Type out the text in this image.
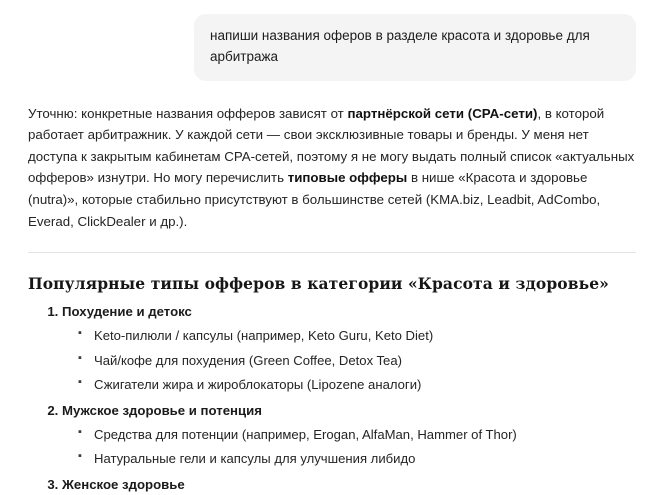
напиши названия оферов в разделе красота и здоровье для арбитража

Уточню: конкретные названия офферов зависят от партнёрской сети (CPA-сети), в которой работает арбитражник. У каждой сети — свои эксклюзивные товары и бренды. У меня нет доступа к закрытым кабинетам CPA-сетей, поэтому я не могу выдать полный список «актуальных офферов» изнутри. Но могу перечислить типовые офферы в нише «Красота и здоровье (nutra)», которые стабильно присутствуют в большинстве сетей (KMA.biz, Leadbit, AdCombo, Everad, ClickDealer и др.).

Популярные типы офферов в категории «Красота и здоровье»
1. Похудение и детокс
▪ Keto-пилюли / капсулы (например, Keto Guru, Keto Diet)
▪ Чай/кофе для похудения (Green Coffee, Detox Tea)
▪ Сжигатели жира и жироблокаторы (Lipozene аналоги)
2. Мужское здоровье и потенция
▪ Средства для потенции (например, Erogan, AlfaMan, Hammer of Thor)
▪ Натуральные гели и капсулы для улучшения либидо
3. Женское здоровье
